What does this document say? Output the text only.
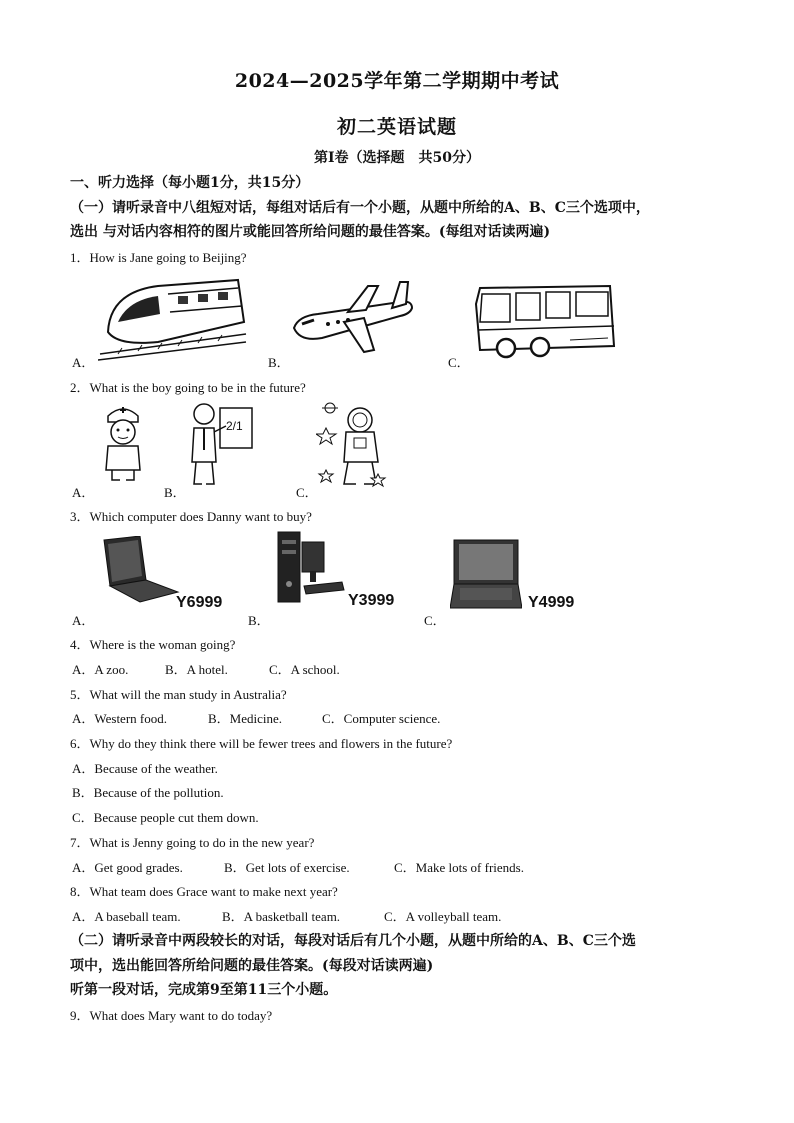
2024—2025学年第二学期期中考试
初二英语试题
第Ⅰ卷（选择题　共50分）
一、听力选择（每小题1分，共15分）
（一）请听录音中八组短对话，每组对话后有一个小题，从题中所给的A、B、C三个选项中，
选出 与对话内容相符的图片或能回答所给问题的最佳答案。(每组对话读两遍)
1．How is Jane going to Beijing?
A．	B．	C．
2．What is the boy going to be in the future?
A．
2/1
B．	C．
3．Which computer does Danny want to buy?
Y6999
A．
Y3999
B．
Y4999
C．
4．Where is the woman going?
A．A zoo.	B．A hotel.	C．A school.
5．What will the man study in Australia?
A．Western food.	B．Medicine.	C．Computer science.
6．Why do they think there will be fewer trees and flowers in the future?
A．Because of the weather.
B．Because of the pollution.
C．Because people cut them down.
7．What is Jenny going to do in the new year?
A．Get good grades.	B．Get lots of exercise.	C．Make lots of friends.
8．What team does Grace want to make next year?
A．A baseball team.	B．A basketball team.	C．A volleyball team.
（二）请听录音中两段较长的对话，每段对话后有几个小题，从题中所给的A、B、C三个选
项中，选出能回答所给问题的最佳答案。(每段对话读两遍)
听第一段对话，完成第9至第11三个小题。
9．What does Mary want to do today?
